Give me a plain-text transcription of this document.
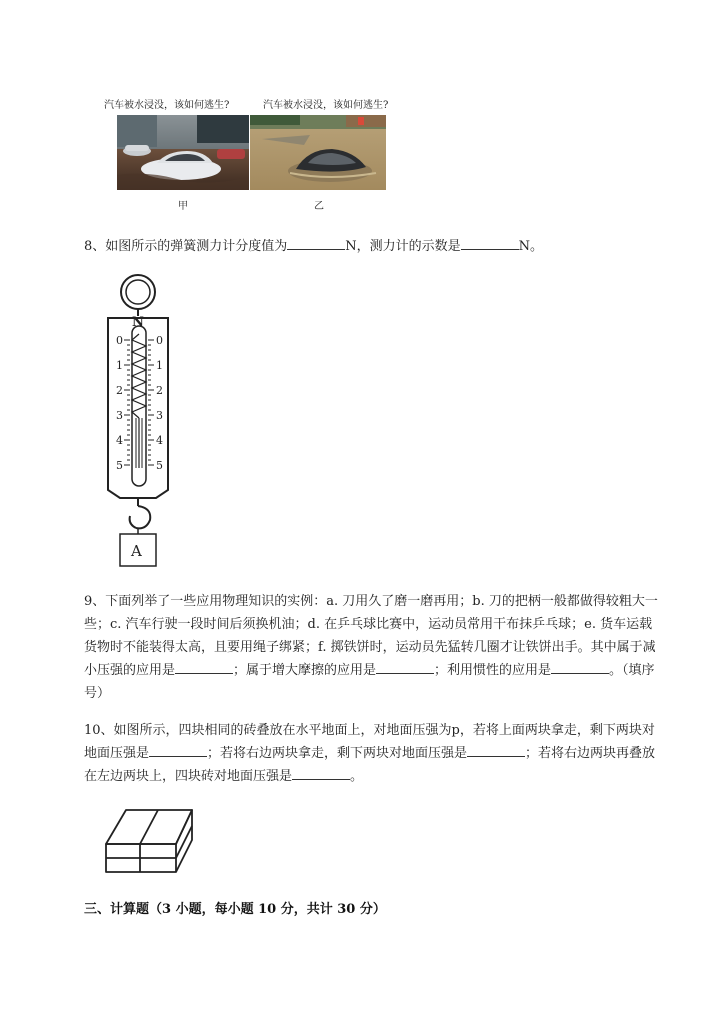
汽车被水浸没，该如何逃生?	汽车被水浸没，该如何逃生?
甲	乙
8、如图所示的弹簧测力计分度值为	N，测力计的示数是	N。
N
0
1
2
3
4
5
0
1
2
3
4
5
A
9、下面列举了一些应用物理知识的实例：a. 刀用久了磨一磨再用；b. 刀的把柄一般都做得较粗大一
些；c. 汽车行驶一段时间后须换机油；d. 在乒乓球比赛中，运动员常用干布抹乒乓球；e. 货车运载
货物时不能装得太高，且要用绳子绑紧；f. 掷铁饼时，运动员先猛转几圈才让铁饼出手。其中属于减
小压强的应用是	；属于增大摩擦的应用是	；利用惯性的应用是	。（填序
号）
10、如图所示，四块相同的砖叠放在水平地面上，对地面压强为p，若将上面两块拿走，剩下两块对
地面压强是	；若将右边两块拿走，剩下两块对地面压强是	；若将右边两块再叠放
在左边两块上，四块砖对地面压强是	。
三、计算题（3 小题，每小题 10 分，共计 30 分）
